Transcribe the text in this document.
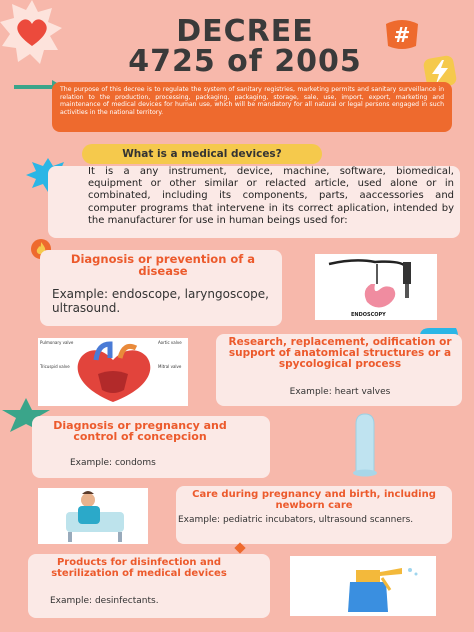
DECREE
4725 of 2005
#
The purpose of this decree is to regulate the system of sanitary registries, marketing permits and sanitary surveillance in relation to the production, processing, packaging, packaging, storage, sale, use, import, export, marketing and maintenance of medical devices for human use, which will be mandatory for all natural or legal persons engaged in such activities in the national territory.
What is a medical devices?
It is a any instrument, device, machine, software, biomedical, equipment or other similar or relacted article, used alone or in combinated, including its components, parts, aaccessories and computer programs that intervene in its correct aplication, intended by the manufacturer for use in human beings used for:
Diagnosis or prevention of a disease
Example: endoscope, laryngoscope, ultrasound.	ENDOSCOPY
Pulmonary valve	Aortic valve
Tricuspid valve	Mitral valve
Research, replacement, odification or support of anatomical structures or a spycological process
Example: heart valves
Diagnosis or pregnancy and control of concepcion
Example: condoms
Care during pregnancy and birth, including newborn care
Example: pediatric incubators, ultrasound scanners.
Products for disinfection and sterilization of medical devices
Example: desinfectants.
